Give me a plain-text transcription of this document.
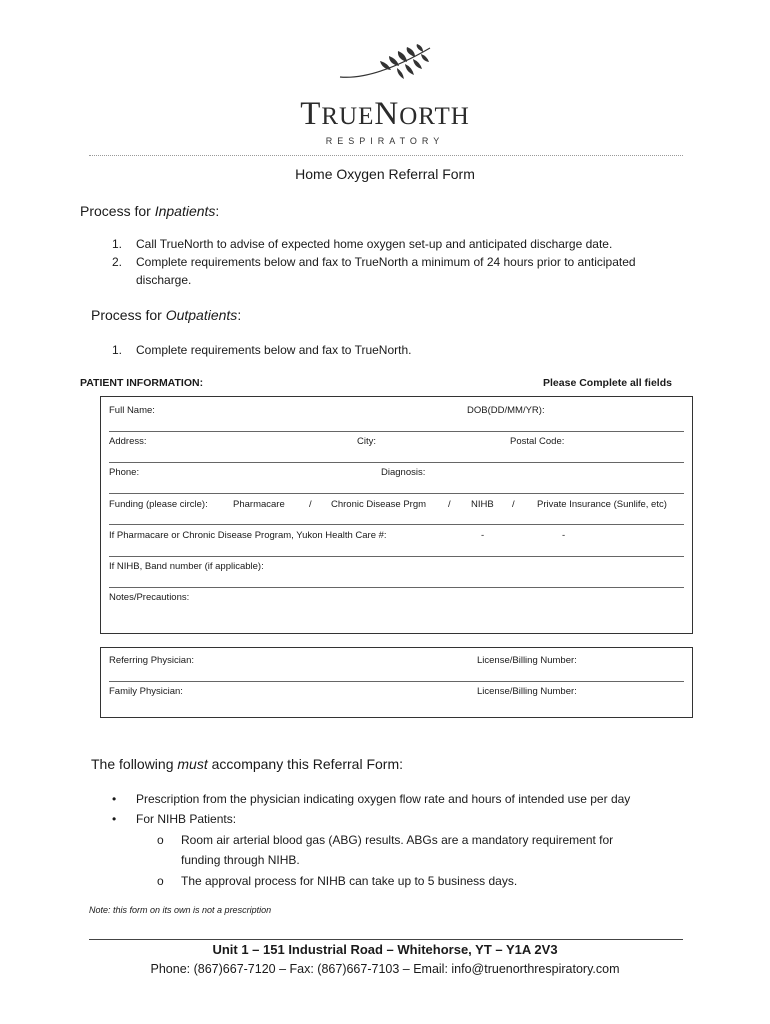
TRUENORTH
RESPIRATORY
Home Oxygen Referral Form
Process for Inpatients:
1. Call TrueNorth to advise of expected home oxygen set-up and anticipated discharge date.
2. Complete requirements below and fax to TrueNorth a minimum of 24 hours prior to anticipated discharge.
Process for Outpatients:
1. Complete requirements below and fax to TrueNorth.
PATIENT INFORMATION:	Please Complete all fields
Full Name:	DOB(DD/MM/YR):
Address:	City:	Postal Code:
Phone:	Diagnosis:
Funding (please circle):	Pharmacare	/ Chronic Disease Prgm / NIHB / Private Insurance (Sunlife, etc)
If Pharmacare or Chronic Disease Program, Yukon Health Care #:	-	-
If NIHB, Band number (if applicable):
Notes/Precautions:
Referring Physician:	License/Billing Number:
Family Physician:	License/Billing Number:
The following must accompany this Referral Form:
• Prescription from the physician indicating oxygen flow rate and hours of intended use per day
• For NIHB Patients:
o Room air arterial blood gas (ABG) results. ABGs are a mandatory requirement for funding through NIHB.
o The approval process for NIHB can take up to 5 business days.
Note: this form on its own is not a prescription
Unit 1 – 151 Industrial Road – Whitehorse, YT – Y1A 2V3
Phone: (867)667-7120 – Fax: (867)667-7103 – Email: info@truenorthrespiratory.com
